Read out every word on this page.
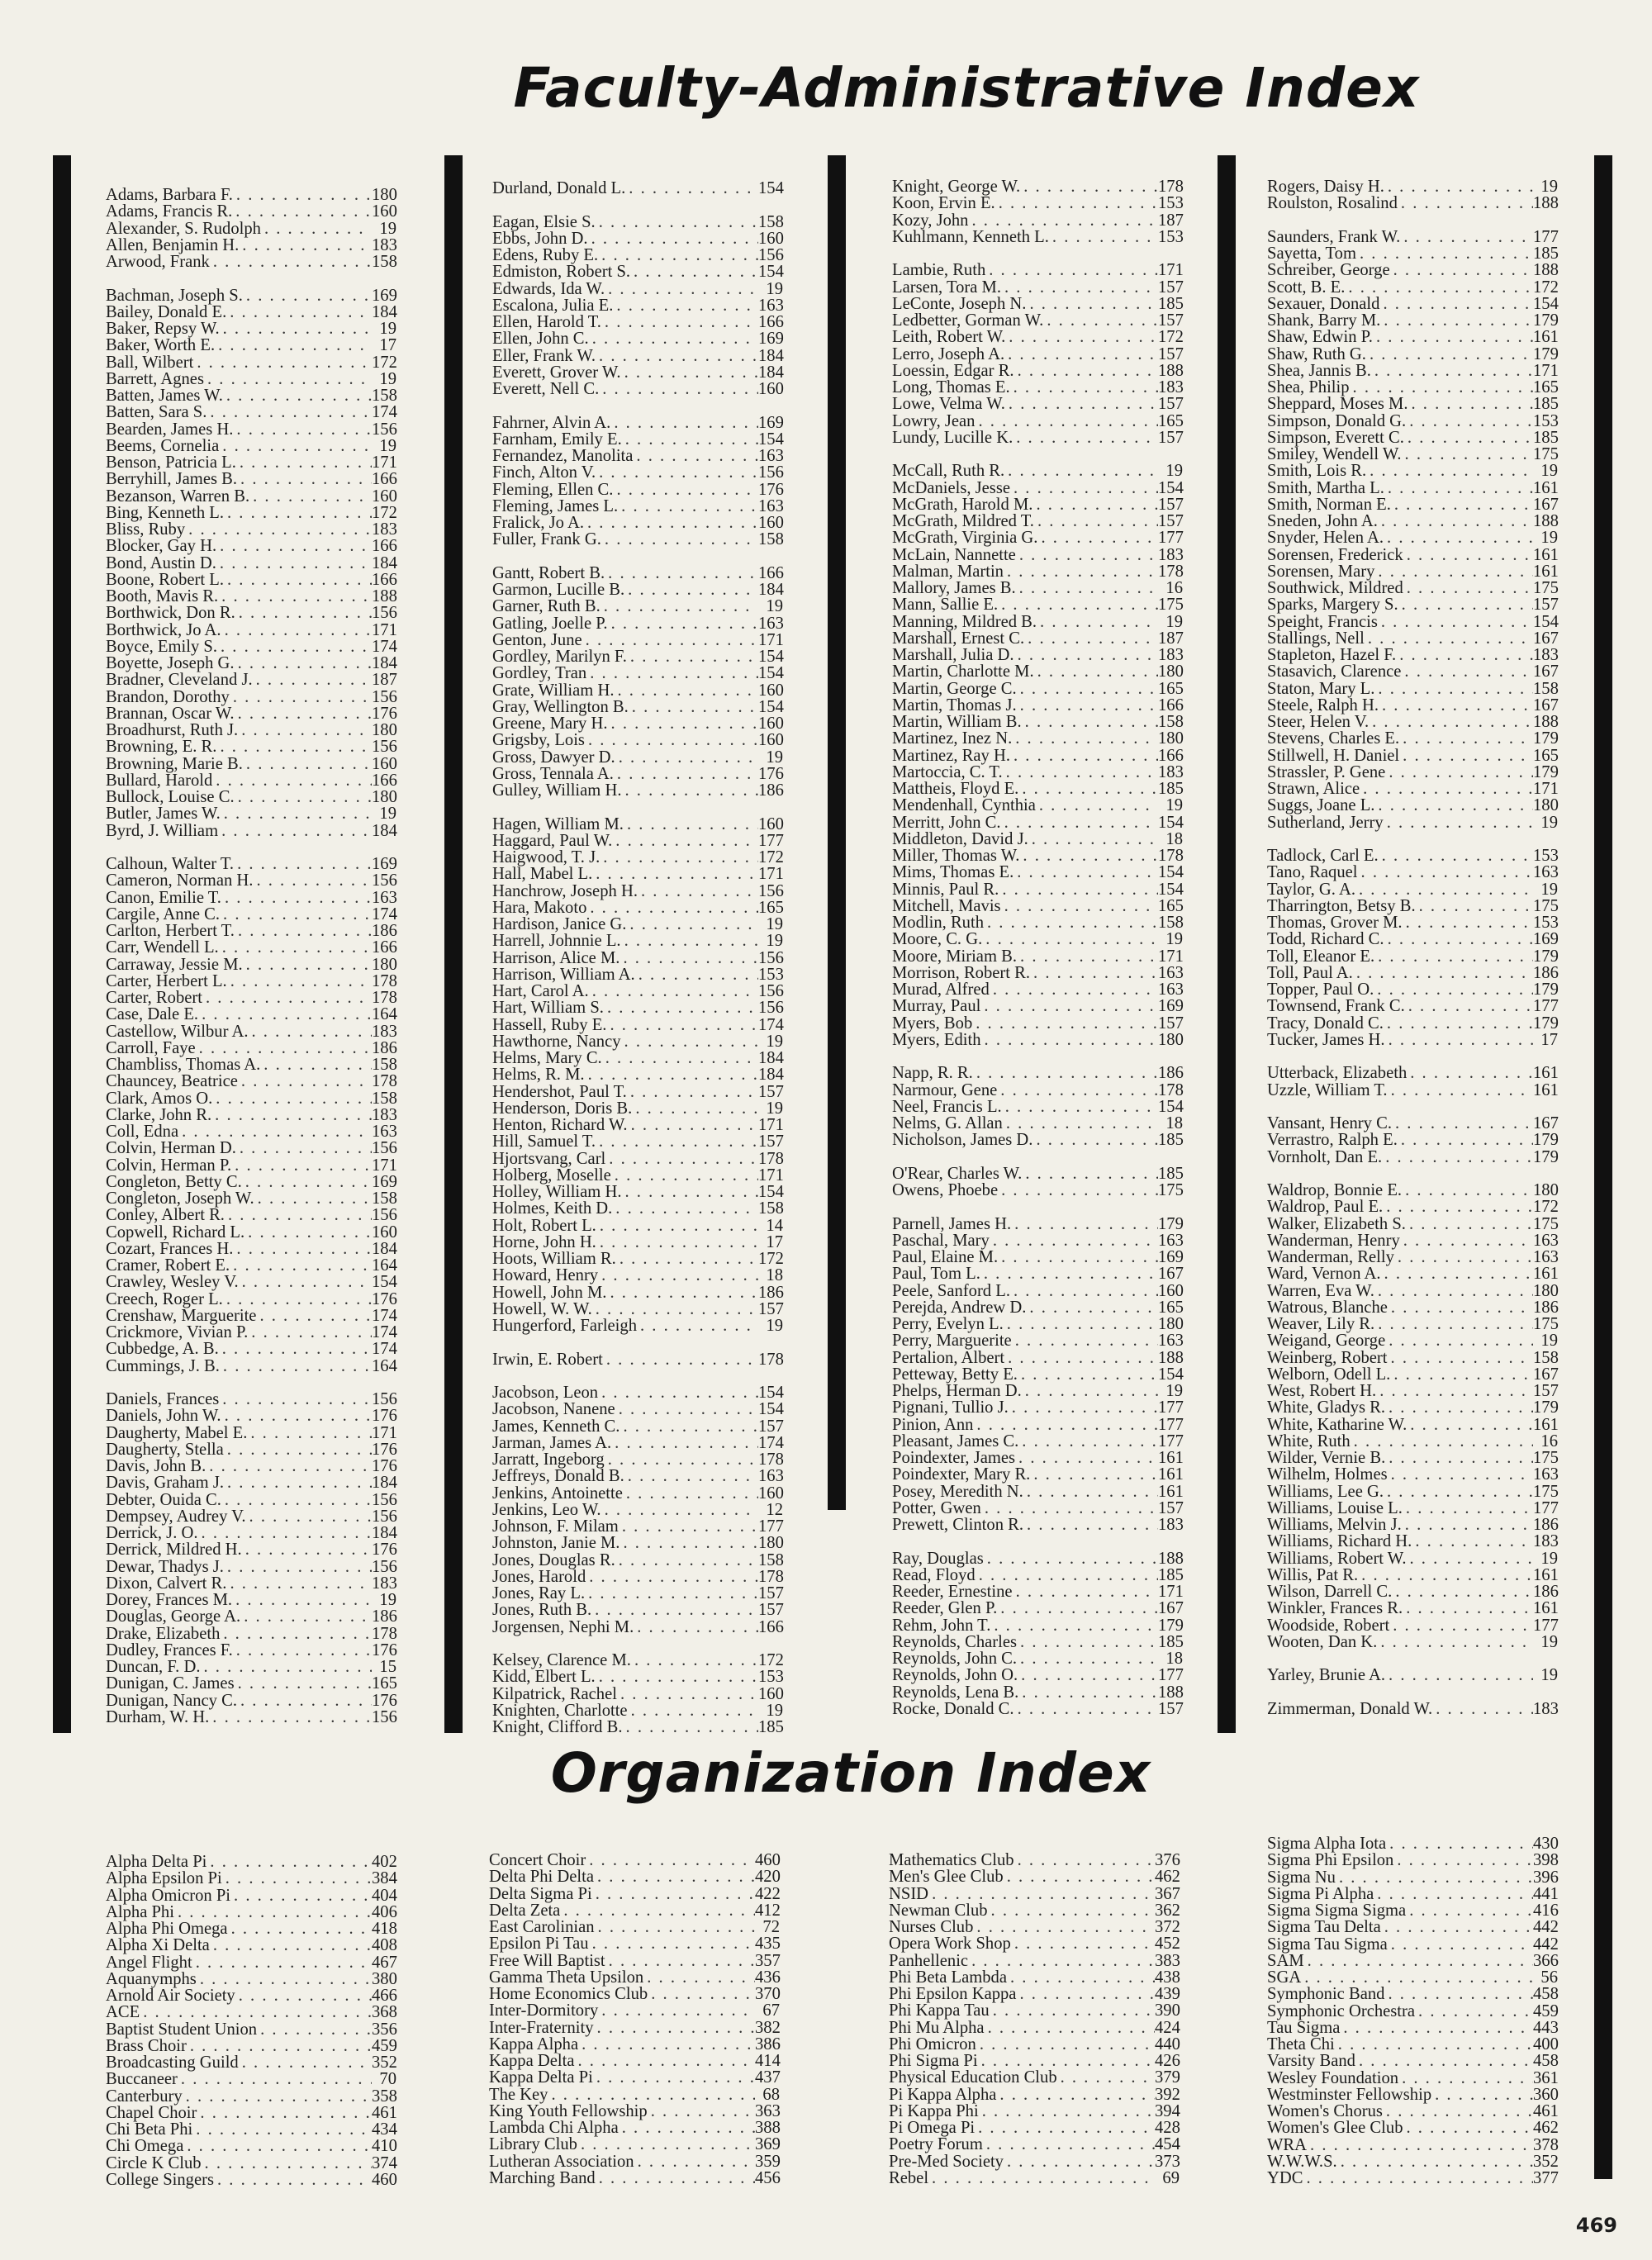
Faculty-Administrative Index
Organization Index
Adams, Barbara F. . . .	180
Adams, Francis R. . . .	160
Alexander, S. Rudolph . . .	19
Allen, Benjamin H. . . .	183
Arwood, Frank . . .	158
Bachman, Joseph S. . . .	169
Bailey, Donald E. . . .	184
Baker, Repsy W. . . .	19
Baker, Worth E. . . .	17
Ball, Wilbert . . .	172
Barrett, Agnes . . .	19
Batten, James W. . . .	158
Batten, Sara S. . . .	174
Bearden, James H. . . .	156
Beems, Cornelia . . .	19
Benson, Patricia L. . . .	171
Berryhill, James B. . . .	166
Bezanson, Warren B. . . .	160
Bing, Kenneth L. . . .	172
Bliss, Ruby . . .	183
Blocker, Gay H. . . .	166
Bond, Austin D. . . .	184
Boone, Robert L. . . .	166
Booth, Mavis R. . . .	188
Borthwick, Don R. . . .	156
Borthwick, Jo A. . . .	171
Boyce, Emily S. . . .	174
Boyette, Joseph G. . . .	184
Bradner, Cleveland J. . . .	187
Brandon, Dorothy . . .	156
Brannan, Oscar W. . . .	176
Broadhurst, Ruth J. . . .	180
Browning, E. R. . . .	156
Browning, Marie B. . . .	160
Bullard, Harold . . .	166
Bullock, Louise C. . . .	180
Butler, James W. . . .	19
Byrd, J. William . . .	184
Calhoun, Walter T. . . .	169
Cameron, Norman H. . . .	156
Canon, Emilie T. . . .	163
Cargile, Anne C. . . .	174
Carlton, Herbert T. . . .	186
Carr, Wendell L. . . .	166
Carraway, Jessie M. . . .	180
Carter, Herbert L. . . .	178
Carter, Robert . . .	178
Case, Dale E. . . .	164
Castellow, Wilbur A. . . .	183
Carroll, Faye . . .	186
Chambliss, Thomas A. . . .	158
Chauncey, Beatrice . . .	178
Clark, Amos O. . . .	158
Clarke, John R. . . .	183
Coll, Edna . . .	163
Colvin, Herman D. . . .	156
Colvin, Herman P. . . .	171
Congleton, Betty C. . . .	169
Congleton, Joseph W. . . .	158
Conley, Albert R. . . .	156
Copwell, Richard L. . . .	160
Cozart, Frances H. . . .	184
Cramer, Robert E. . . .	164
Crawley, Wesley V. . . .	154
Creech, Roger L. . . .	176
Crenshaw, Marguerite . . .	174
Crickmore, Vivian P. . . .	174
Cubbedge, A. B. . . .	174
Cummings, J. B. . . .	164
Daniels, Frances . . .	156
Daniels, John W. . . .	176
Daugherty, Mabel E. . . .	171
Daugherty, Stella . . .	176
Davis, John B. . . .	176
Davis, Graham J. . . .	184
Debter, Ouida C. . . .	156
Dempsey, Audrey V. . . .	156
Derrick, J. O. . . .	184
Derrick, Mildred H. . . .	176
Dewar, Thadys J. . . .	156
Dixon, Calvert R. . . .	183
Dorey, Frances M. . . .	19
Douglas, George A. . . .	186
Drake, Elizabeth . . .	178
Dudley, Frances F. . . .	176
Duncan, F. D. . . .	15
Dunigan, C. James . . .	165
Dunigan, Nancy C. . . .	176
Durham, W. H. . . .	156
Durland, Donald L. . . .	154
Eagan, Elsie S. . . .	158
Ebbs, John D. . . .	160
Edens, Ruby E. . . .	156
Edmiston, Robert S. . . .	154
Edwards, Ida W. . . .	19
Escalona, Julia E. . . .	163
Ellen, Harold T. . . .	166
Ellen, John C. . . .	169
Eller, Frank W. . . .	184
Everett, Grover W. . . .	184
Everett, Nell C. . . .	160
Fahrner, Alvin A. . . .	169
Farnham, Emily E. . . .	154
Fernandez, Manolita . . .	163
Finch, Alton V. . . .	156
Fleming, Ellen C. . . .	176
Fleming, James L. . . .	163
Fralick, Jo A. . . .	160
Fuller, Frank G. . . .	158
Gantt, Robert B. . . .	166
Garmon, Lucille B. . . .	184
Garner, Ruth B. . . .	19
Gatling, Joelle P. . . .	163
Genton, June . . .	171
Gordley, Marilyn F. . . .	154
Gordley, Tran . . .	154
Grate, William H. . . .	160
Gray, Wellington B. . . .	154
Greene, Mary H. . . .	160
Grigsby, Lois . . .	160
Gross, Dawyer D. . . .	19
Gross, Tennala A. . . .	176
Gulley, William H. . . .	186
Hagen, William M. . . .	160
Haggard, Paul W. . . .	177
Haigwood, T. J. . . .	172
Hall, Mabel L. . . .	171
Hanchrow, Joseph H. . . .	156
Hara, Makoto . . .	165
Hardison, Janice G. . . .	19
Harrell, Johnnie L. . . .	19
Harrison, Alice M. . . .	156
Harrison, William A. . . .	153
Hart, Carol A. . . .	156
Hart, William S. . . .	156
Hassell, Ruby E. . . .	174
Hawthorne, Nancy . . .	19
Helms, Mary C. . . .	184
Helms, R. M. . . .	184
Hendershot, Paul T. . . .	157
Henderson, Doris B. . . .	19
Henton, Richard W. . . .	171
Hill, Samuel T. . . .	157
Hjortsvang, Carl . . .	178
Holberg, Moselle . . .	171
Holley, William H. . . .	154
Holmes, Keith D. . . .	158
Holt, Robert L. . . .	14
Horne, John H. . . .	17
Hoots, William R. . . .	172
Howard, Henry . . .	18
Howell, John M. . . .	186
Howell, W. W. . . .	157
Hungerford, Farleigh . . .	19
Irwin, E. Robert . . .	178
Jacobson, Leon . . .	154
Jacobson, Nanene . . .	154
James, Kenneth C. . . .	157
Jarman, James A. . . .	174
Jarratt, Ingeborg . . .	178
Jeffreys, Donald B. . . .	163
Jenkins, Antoinette . . .	160
Jenkins, Leo W. . . .	12
Johnson, F. Milam . . .	177
Johnston, Janie M. . . .	180
Jones, Douglas R. . . .	158
Jones, Harold . . .	178
Jones, Ray L. . . .	157
Jones, Ruth B. . . .	157
Jorgensen, Nephi M. . . .	166
Kelsey, Clarence M. . . .	172
Kidd, Elbert L. . . .	153
Kilpatrick, Rachel . . .	160
Knighten, Charlotte . . .	19
Knight, Clifford B. . . .	185
Knight, George W. . . .	178
Koon, Ervin E. . . .	153
Kozy, John . . .	187
Kuhlmann, Kenneth L. . . .	153
Lambie, Ruth . . .	171
Larsen, Tora M. . . .	157
LeConte, Joseph N. . . .	185
Ledbetter, Gorman W. . . .	157
Leith, Robert W. . . .	172
Lerro, Joseph A. . . .	157
Loessin, Edgar R. . . .	188
Long, Thomas E. . . .	183
Lowe, Velma W. . . .	157
Lowry, Jean . . .	165
Lundy, Lucille K. . . .	157
McCall, Ruth R. . . .	19
McDaniels, Jesse . . .	154
McGrath, Harold M. . . .	157
McGrath, Mildred T. . . .	157
McGrath, Virginia G. . . .	177
McLain, Nannette . . .	183
Malman, Martin . . .	178
Mallory, James B. . . .	16
Mann, Sallie E. . . .	175
Manning, Mildred B. . . .	19
Marshall, Ernest C. . . .	187
Marshall, Julia D. . . .	183
Martin, Charlotte M. . . .	180
Martin, George C. . . .	165
Martin, Thomas J. . . .	166
Martin, William B. . . .	158
Martinez, Inez N. . . .	180
Martinez, Ray H. . . .	166
Martoccia, C. T. . . .	183
Mattheis, Floyd E. . . .	185
Mendenhall, Cynthia . . .	19
Merritt, John C. . . .	154
Middleton, David J. . . .	18
Miller, Thomas W. . . .	178
Mims, Thomas E. . . .	154
Minnis, Paul R. . . .	154
Mitchell, Mavis . . .	165
Modlin, Ruth . . .	158
Moore, C. G. . . .	19
Moore, Miriam B. . . .	171
Morrison, Robert R. . . .	163
Murad, Alfred . . .	163
Murray, Paul . . .	169
Myers, Bob . . .	157
Myers, Edith . . .	180
Napp, R. R. . . .	186
Narmour, Gene . . .	178
Neel, Francis L. . . .	154
Nelms, G. Allan . . .	18
Nicholson, James D. . . .	185
O'Rear, Charles W. . . .	185
Owens, Phoebe . . .	175
Parnell, James H. . . .	179
Paschal, Mary . . .	163
Paul, Elaine M. . . .	169
Paul, Tom L. . . .	167
Peele, Sanford L. . . .	160
Perejda, Andrew D. . . .	165
Perry, Evelyn L. . . .	180
Perry, Marguerite . . .	163
Pertalion, Albert . . .	188
Petteway, Betty E. . . .	154
Phelps, Herman D. . . .	19
Pignani, Tullio J. . . .	177
Pinion, Ann . . .	177
Pleasant, James C. . . .	177
Poindexter, James . . .	161
Poindexter, Mary R. . . .	161
Posey, Meredith N. . . .	161
Potter, Gwen . . .	157
Prewett, Clinton R. . . .	183
Ray, Douglas . . .	188
Read, Floyd . . .	185
Reeder, Ernestine . . .	171
Reeder, Glen P. . . .	167
Rehm, John T. . . .	179
Reynolds, Charles . . .	185
Reynolds, John C. . . .	18
Reynolds, John O. . . .	177
Reynolds, Lena B. . . .	188
Rocke, Donald C. . . .	157
Rogers, Daisy H. . . .	19
Roulston, Rosalind . . .	188
Saunders, Frank W. . . .	177
Sayetta, Tom . . .	185
Schreiber, George . . .	188
Scott, B. E. . . .	172
Sexauer, Donald . . .	154
Shank, Barry M. . . .	179
Shaw, Edwin P. . . .	161
Shaw, Ruth G. . . .	179
Shea, Jannis B. . . .	171
Shea, Philip . . .	165
Sheppard, Moses M. . . .	185
Simpson, Donald G. . . .	153
Simpson, Everett C. . . .	185
Smiley, Wendell W. . . .	175
Smith, Lois R. . . .	19
Smith, Martha L. . . .	161
Smith, Norman E. . . .	167
Sneden, John A. . . .	188
Snyder, Helen A. . . .	19
Sorensen, Frederick . . .	161
Sorensen, Mary . . .	161
Southwick, Mildred . . .	175
Sparks, Margery S. . . .	157
Speight, Francis . . .	154
Stallings, Nell . . .	167
Stapleton, Hazel F. . . .	183
Stasavich, Clarence . . .	167
Staton, Mary L. . . .	158
Steele, Ralph H. . . .	167
Steer, Helen V. . . .	188
Stevens, Charles E. . . .	179
Stillwell, H. Daniel . . .	165
Strassler, P. Gene . . .	179
Strawn, Alice . . .	171
Suggs, Joane L. . . .	180
Sutherland, Jerry . . .	19
Tadlock, Carl E. . . .	153
Tano, Raquel . . .	163
Taylor, G. A. . . .	19
Tharrington, Betsy B. . . .	175
Thomas, Grover M. . . .	153
Todd, Richard C. . . .	169
Toll, Eleanor E. . . .	179
Toll, Paul A. . . .	186
Topper, Paul O. . . .	179
Townsend, Frank C. . . .	177
Tracy, Donald C. . . .	179
Tucker, James H. . . .	17
Utterback, Elizabeth . . .	161
Uzzle, William T. . . .	161
Vansant, Henry C. . . .	167
Verrastro, Ralph E. . . .	179
Vornholt, Dan E. . . .	179
Waldrop, Bonnie E. . . .	180
Waldrop, Paul E. . . .	172
Walker, Elizabeth S. . . .	175
Wanderman, Henry . . .	163
Wanderman, Relly . . .	163
Ward, Vernon A. . . .	161
Warren, Eva W. . . .	180
Watrous, Blanche . . .	186
Weaver, Lily R. . . .	175
Weigand, George . . .	19
Weinberg, Robert . . .	158
Welborn, Odell L. . . .	167
West, Robert H. . . .	157
White, Gladys R. . . .	179
White, Katharine W. . . .	161
White, Ruth . . .	16
Wilder, Vernie B. . . .	175
Wilhelm, Holmes . . .	163
Williams, Lee G. . . .	175
Williams, Louise L. . . .	177
Williams, Melvin J. . . .	186
Williams, Richard H. . . .	183
Williams, Robert W. . . .	19
Willis, Pat R. . . .	161
Wilson, Darrell C. . . .	186
Winkler, Frances R. . . .	161
Woodside, Robert . . .	177
Wooten, Dan K. . . .	19
Yarley, Brunie A. . . .	19
Zimmerman, Donald W. . . .	183
Alpha Delta Pi . . .	402
Alpha Epsilon Pi . . .	384
Alpha Omicron Pi . . .	404
Alpha Phi . . .	406
Alpha Phi Omega . . .	418
Alpha Xi Delta . . .	408
Angel Flight . . .	467
Aquanymphs . . .	380
Arnold Air Society . . .	466
ACE . . .	368
Baptist Student Union . . .	356
Brass Choir . . .	459
Broadcasting Guild . . .	352
Buccaneer . . .	70
Canterbury . . .	358
Chapel Choir . . .	461
Chi Beta Phi . . .	434
Chi Omega . . .	410
Circle K Club . . .	374
College Singers . . .	460
Concert Choir . . .	460
Delta Phi Delta . . .	420
Delta Sigma Pi . . .	422
Delta Zeta . . .	412
East Carolinian . . .	72
Epsilon Pi Tau . . .	435
Free Will Baptist . . .	357
Gamma Theta Upsilon . . .	436
Home Economics Club . . .	370
Inter-Dormitory . . .	67
Inter-Fraternity . . .	382
Kappa Alpha . . .	386
Kappa Delta . . .	414
Kappa Delta Pi . . .	437
The Key . . .	68
King Youth Fellowship . . .	363
Lambda Chi Alpha . . .	388
Library Club . . .	369
Lutheran Association . . .	359
Marching Band . . .	456
Mathematics Club . . .	376
Men's Glee Club . . .	462
NSID . . .	367
Newman Club . . .	362
Nurses Club . . .	372
Opera Work Shop . . .	452
Panhellenic . . .	383
Phi Beta Lambda . . .	438
Phi Epsilon Kappa . . .	439
Phi Kappa Tau . . .	390
Phi Mu Alpha . . .	424
Phi Omicron . . .	440
Phi Sigma Pi . . .	426
Physical Education Club . . .	379
Pi Kappa Alpha . . .	392
Pi Kappa Phi . . .	394
Pi Omega Pi . . .	428
Poetry Forum . . .	454
Pre-Med Society . . .	373
Rebel . . .	69
Sigma Alpha Iota . . .	430
Sigma Phi Epsilon . . .	398
Sigma Nu . . .	396
Sigma Pi Alpha . . .	441
Sigma Sigma Sigma . . .	416
Sigma Tau Delta . . .	442
Sigma Tau Sigma . . .	442
SAM . . .	366
SGA . . .	56
Symphonic Band . . .	458
Symphonic Orchestra . . .	459
Tau Sigma . . .	443
Theta Chi . . .	400
Varsity Band . . .	458
Wesley Foundation . . .	361
Westminster Fellowship . . .	360
Women's Chorus . . .	461
Women's Glee Club . . .	462
WRA . . .	378
W.W.W.S. . . .	352
YDC . . .	377
469
